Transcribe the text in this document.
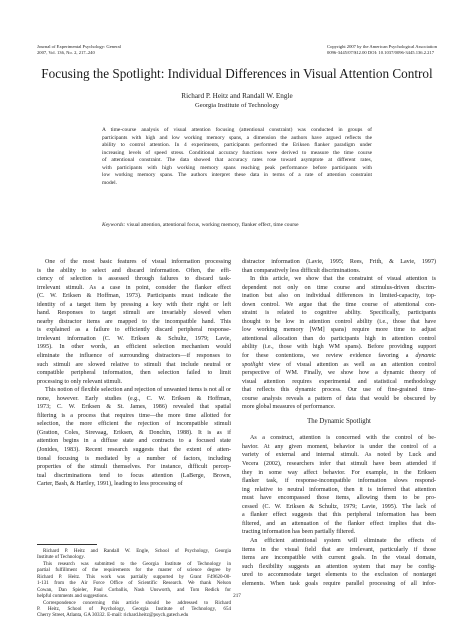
Journal of Experimental Psychology: General
2007, Vol. 136, No. 2, 217–240
Copyright 2007 by the American Psychological Association
0096-3445/07/$12.00 DOI: 10.1037/0096-3445.136.2.217
Focusing the Spotlight: Individual Differences in Visual Attention Control
Richard P. Heitz and Randall W. Engle
Georgia Institute of Technology
A time-course analysis of visual attention focusing (attentional constraint) was conducted in groups of
participants with high and low working memory spans, a dimension the authors have argued reflects the
ability to control attention. In 4 experiments, participants performed the Eriksen flanker paradigm under
increasing levels of speed stress. Conditional accuracy functions were derived to measure the time course
of attentional constraint. The data showed that accuracy rates rose toward asymptote at different rates,
with participants with high working memory spans reaching peak performance before participants with
low working memory spans. The authors interpret these data in terms of a rate of attention constraint
model.
Keywords: visual attention, attentional focus, working memory, flanker effect, time course
One of the most basic features of visual information processing
is the ability to select and discard information. Often, the effi-
ciency of selection is assessed through failures to discard task-
irrelevant stimuli. As a case in point, consider the flanker effect
(C. W. Eriksen & Hoffman, 1973). Participants must indicate the
identity of a target item by pressing a key with their right or left
hand. Responses to target stimuli are invariably slowed when
nearby distractor items are mapped to the incompatible hand. This
is explained as a failure to efficiently discard peripheral response-
irrelevant information (C. W. Eriksen & Schultz, 1979; Lavie,
1995). In other words, an efficient selection mechanism would
eliminate the influence of surrounding distractors—if responses to
such stimuli are slowed relative to stimuli that include neutral or
compatible peripheral information, then selection failed to limit
processing to only relevant stimuli.
This notion of flexible selection and rejection of unwanted items is not all or
none, however. Early studies (e.g., C. W. Eriksen & Hoffman,
1973; C. W. Eriksen & St. James, 1986) revealed that spatial
filtering is a process that requires time—the more time allotted for
selection, the more efficient the rejection of incompatible stimuli
(Gratton, Coles, Sirevaag, Eriksen, & Donchin, 1988). It is as if
attention begins in a diffuse state and contracts to a focused state
(Jonides, 1983). Recent research suggests that the extent of atten-
tional focusing is mediated by a number of factors, including
properties of the stimuli themselves. For instance, difficult percep-
tual discriminations tend to focus attention (LaBerge, Brown,
Carter, Bash, & Hartley, 1991), leading to less processing of
Richard P. Heitz and Randall W. Engle, School of Psychology, Georgia
Institute of Technology.
This research was submitted to the Georgia Institute of Technology in
partial fulfillment of the requirements for the master of science degree by
Richard P. Heitz. This work was partially supported by Grant F49620-00-
1-131 from the Air Force Office of Scientific Research. We thank Nelson
Cowan, Dan Spieler, Paul Corballis, Nash Unsworth, and Tom Redick for
helpful comments and suggestions.
Correspondence concerning this article should be addressed to Richard
P. Heitz, School of Psychology, Georgia Institute of Technology, 654
Cherry Street, Atlanta, GA 30332. E-mail: richard.heitz@psych.gatech.edu
distractor information (Lavie, 1995; Rees, Frith, & Lavie, 1997)
than comparatively less difficult discriminations.
In this article, we show that the constraint of visual attention is
dependent not only on time course and stimulus-driven discrim-
ination but also on individual differences in limited-capacity, top-
down control. We argue that the time course of attentional con-
straint is related to cognitive ability. Specifically, participants
thought to be low in attention control ability (i.e., those that have
low working memory [WM] spans) require more time to adjust
attentional allocation than do participants high in attention control
ability (i.e., those with high WM spans). Before providing support
for these contentions, we review evidence favoring a dynamic
spotlight view of visual attention as well as an attention control
perspective of WM. Finally, we show how a dynamic theory of
visual attention requires experimental and statistical methodology
that reflects this dynamic process. Our use of fine-grained time-
course analysis reveals a pattern of data that would be obscured by
more global measures of performance.
The Dynamic Spotlight
As a construct, attention is concerned with the control of be-
havior. At any given moment, behavior is under the control of a
variety of external and internal stimuli. As noted by Luck and
Vecera (2002), researchers infer that stimuli have been attended if
they in some way affect behavior. For example, in the Eriksen
flanker task, if response-incompatible information slows respond-
ing relative to neutral information, then it is inferred that attention
must have encompassed those items, allowing them to be pro-
cessed (C. W. Eriksen & Schultz, 1979; Lavie, 1995). The lack of
a flanker effect suggests that this peripheral information has been
filtered, and an attenuation of the flanker effect implies that dis-
tracting information has been partially filtered.
An efficient attentional system will eliminate the effects of
items in the visual field that are irrelevant, particularly if those
items are incompatible with current goals. In the visual domain,
such flexibility suggests an attention system that may be config-
ured to accommodate target elements to the exclusion of nontarget
elements. When task goals require parallel processing of all infor-
217
